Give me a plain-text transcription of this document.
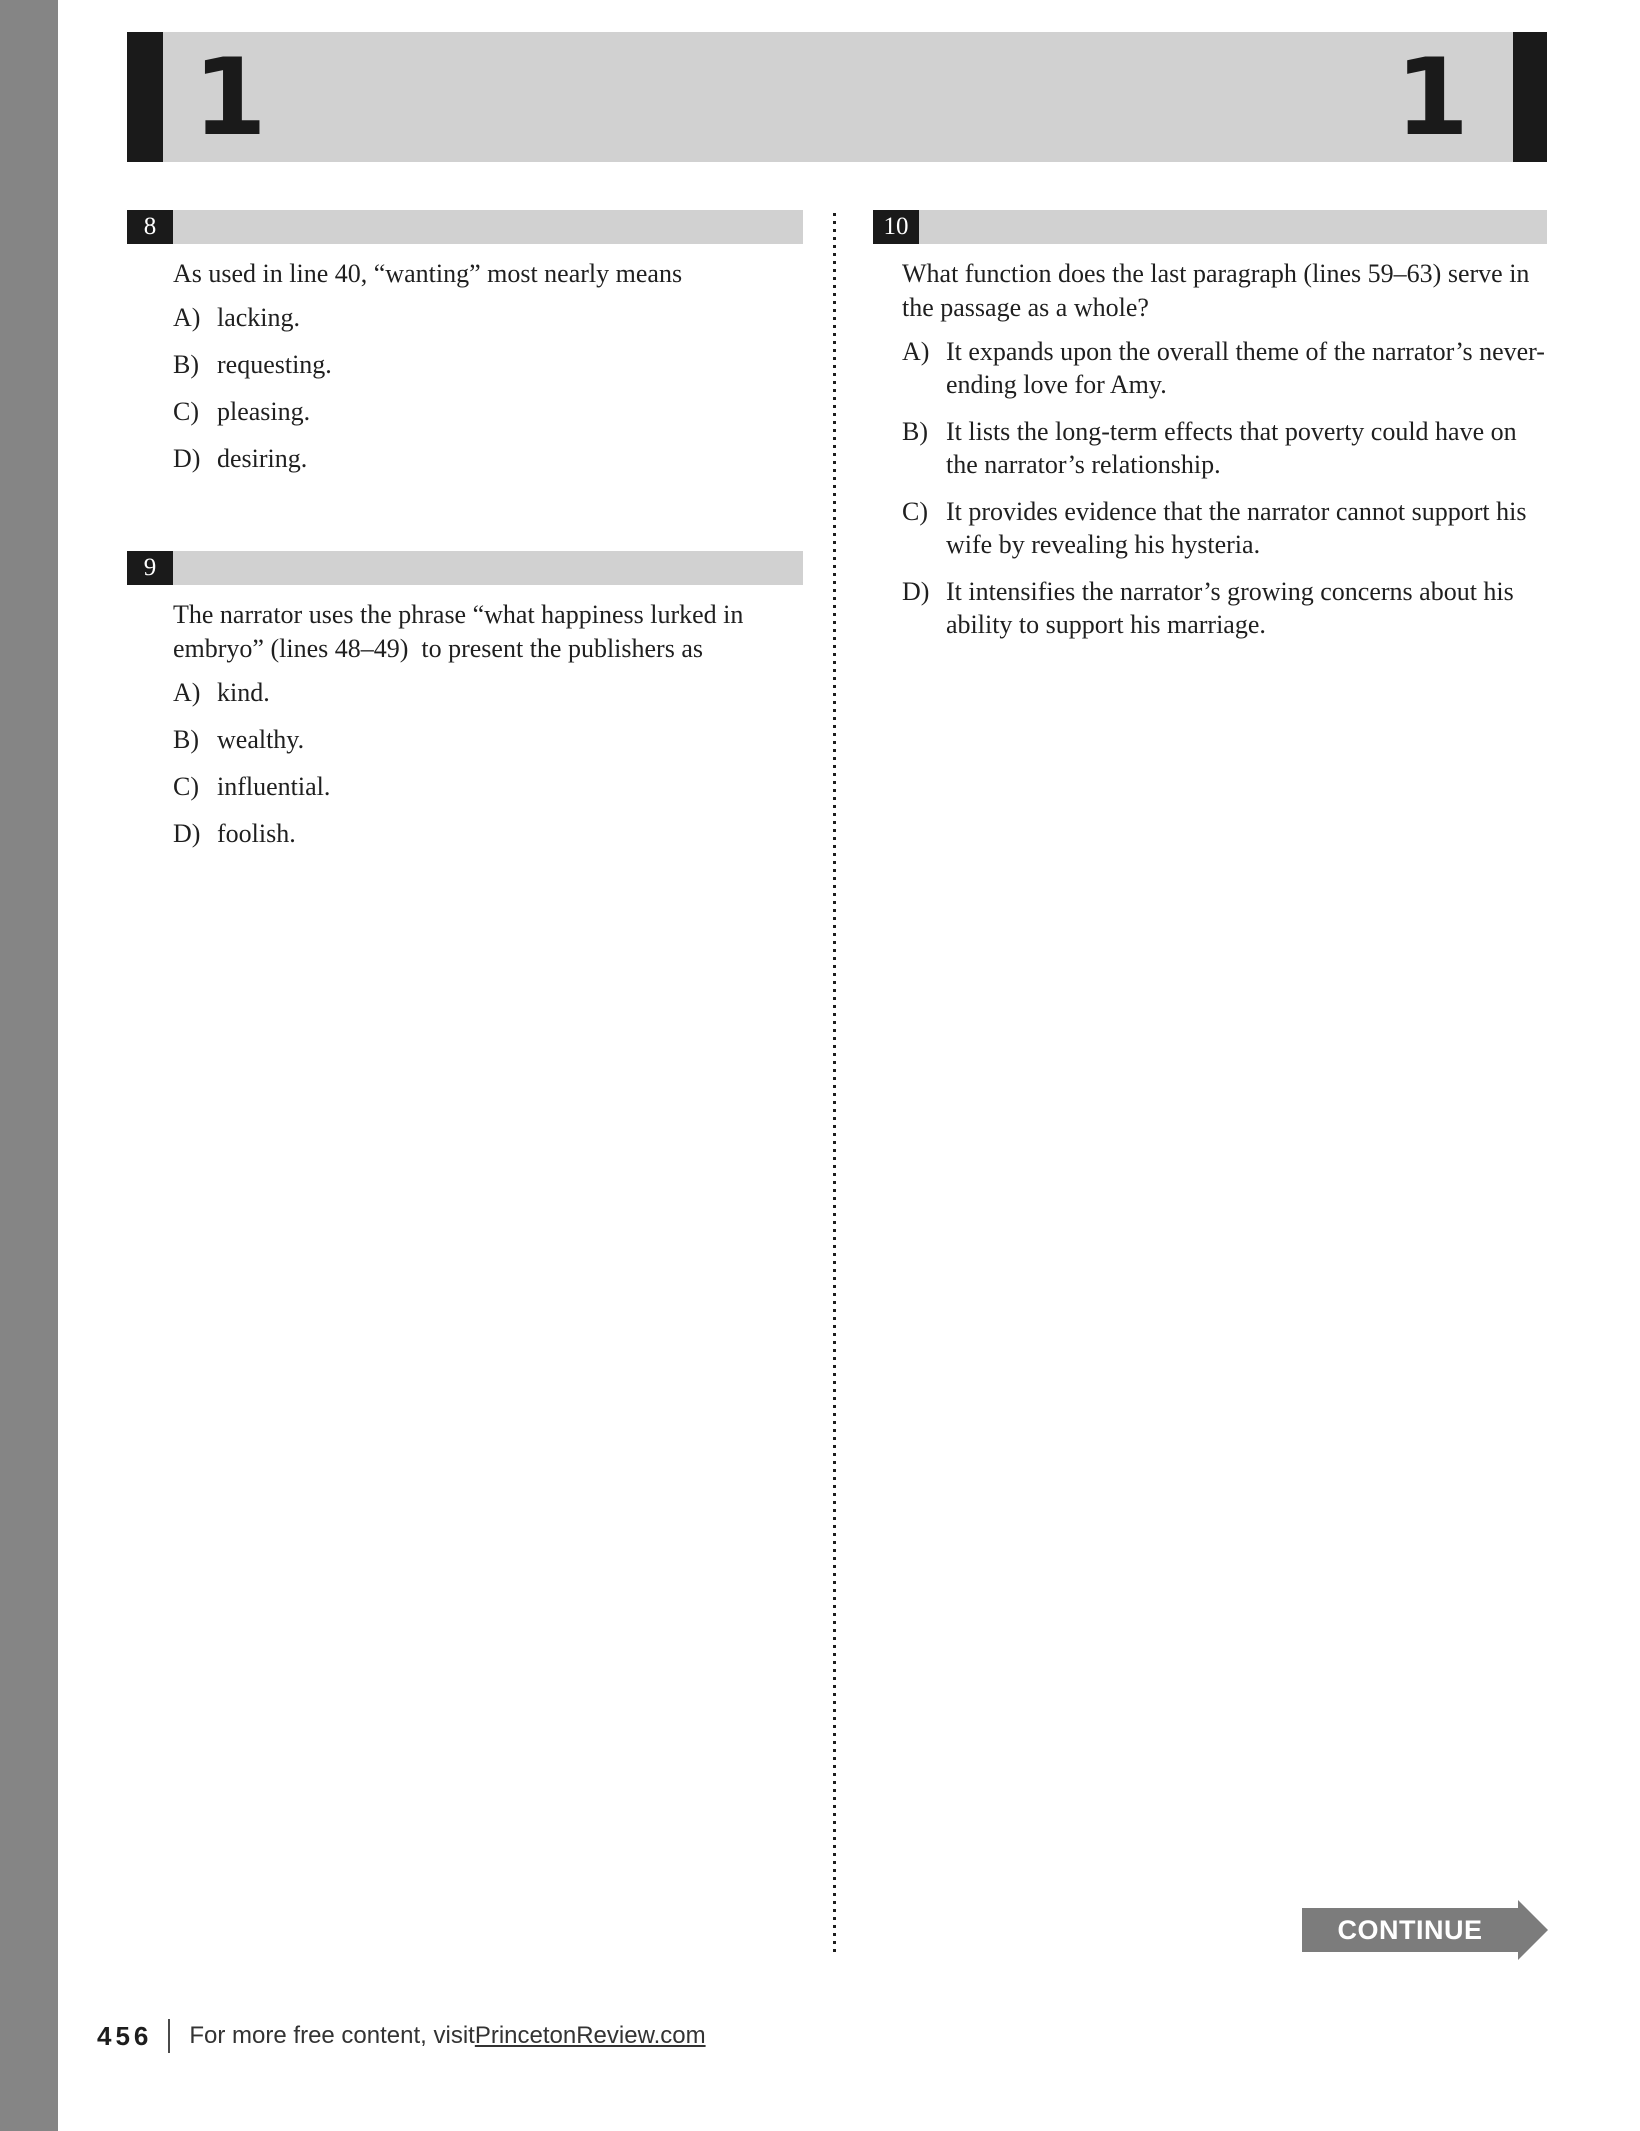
1	1
8
As used in line 40, “wanting” most nearly means
A) lacking.
B) requesting.
C) pleasing.
D) desiring.
9
The narrator uses the phrase “what happiness lurked in embryo” (lines 48–49)  to present the publishers as
A) kind.
B) wealthy.
C) influential.
D) foolish.
10
What function does the last paragraph (lines 59–63) serve in the passage as a whole?
A) It expands upon the overall theme of the narrator’s never-ending love for Amy.
B) It lists the long-term effects that poverty could have on the narrator’s relationship.
C) It provides evidence that the narrator cannot support his wife by revealing his hysteria.
D) It intensifies the narrator’s growing concerns about his ability to support his marriage.
CONTINUE
456 For more free content, visit PrincetonReview.com
